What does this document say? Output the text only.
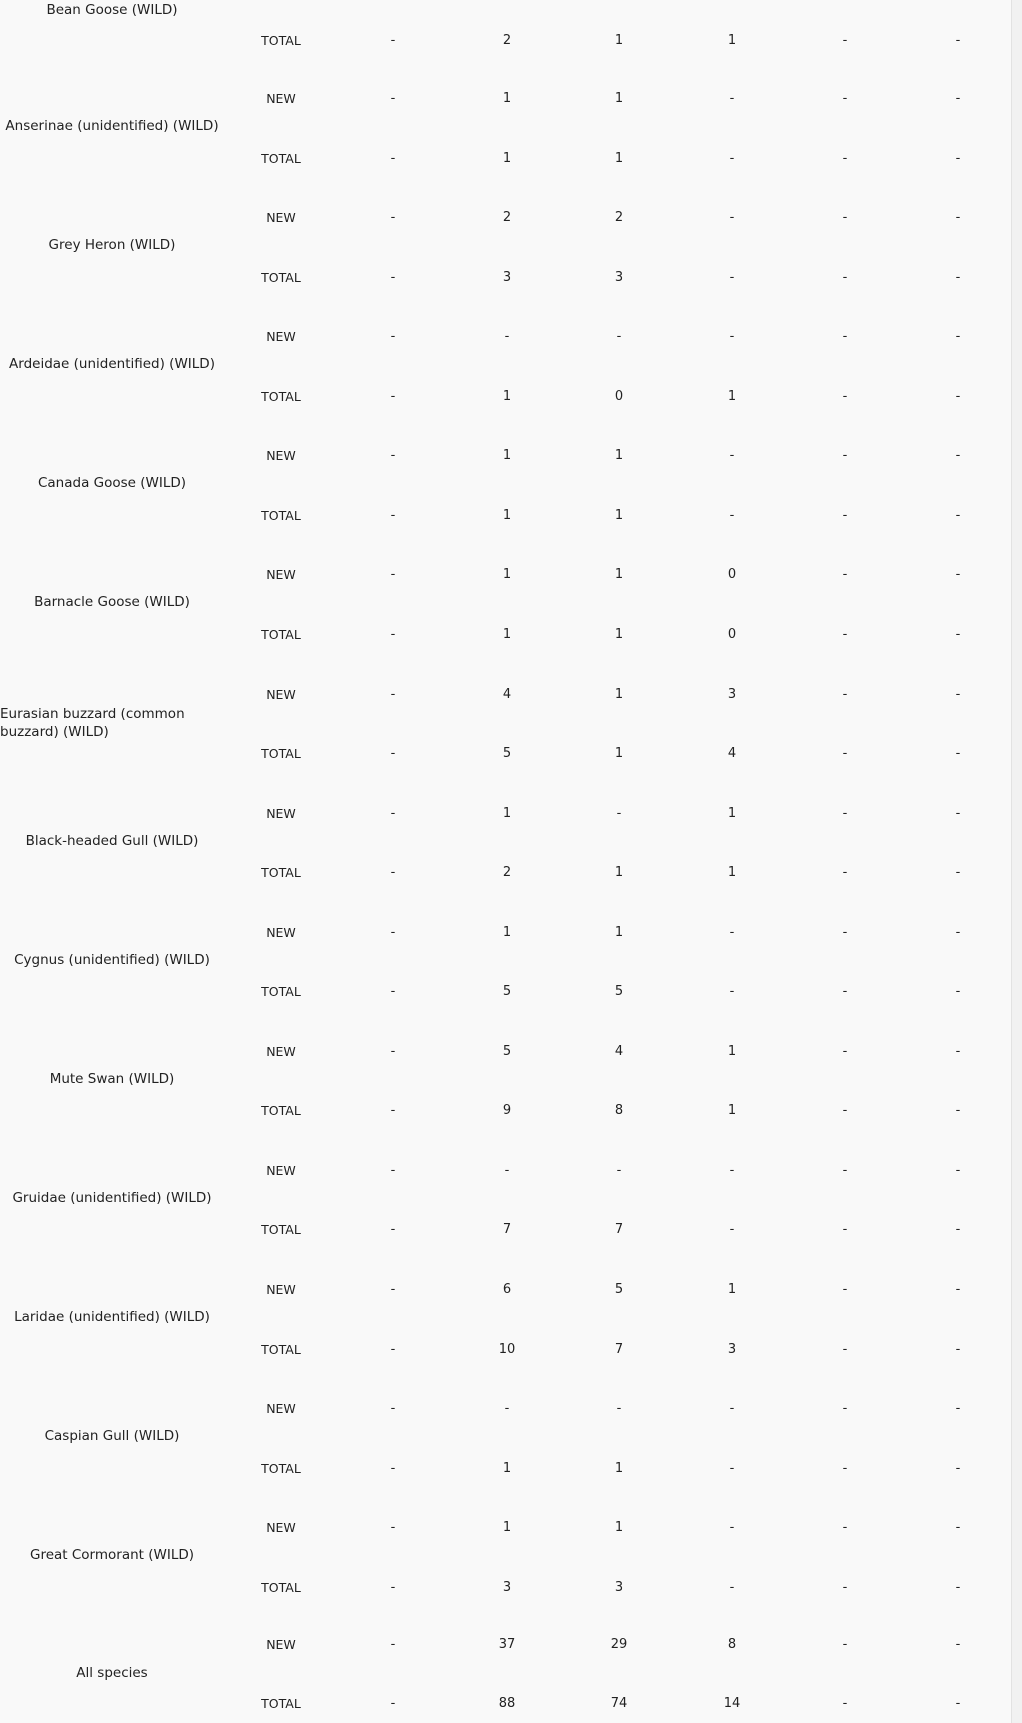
Bean Goose (WILD)
TOTAL	-	2	1	1	-	-
Anserinae (unidentified) (WILD)
NEW	-	1	1	-	-	-
TOTAL	-	1	1	-	-	-
Grey Heron (WILD)
NEW	-	2	2	-	-	-
TOTAL	-	3	3	-	-	-
Ardeidae (unidentified) (WILD)
NEW	-	-	-	-	-	-
TOTAL	-	1	0	1	-	-
Canada Goose (WILD)
NEW	-	1	1	-	-	-
TOTAL	-	1	1	-	-	-
Barnacle Goose (WILD)
NEW	-	1	1	0	-	-
TOTAL	-	1	1	0	-	-
Eurasian buzzard (common buzzard) (WILD)
NEW	-	4	1	3	-	-
TOTAL	-	5	1	4	-	-
Black-headed Gull (WILD)
NEW	-	1	-	1	-	-
TOTAL	-	2	1	1	-	-
Cygnus (unidentified) (WILD)
NEW	-	1	1	-	-	-
TOTAL	-	5	5	-	-	-
Mute Swan (WILD)
NEW	-	5	4	1	-	-
TOTAL	-	9	8	1	-	-
Gruidae (unidentified) (WILD)
NEW	-	-	-	-	-	-
TOTAL	-	7	7	-	-	-
Laridae (unidentified) (WILD)
NEW	-	6	5	1	-	-
TOTAL	-	10	7	3	-	-
Caspian Gull (WILD)
NEW	-	-	-	-	-	-
TOTAL	-	1	1	-	-	-
Great Cormorant (WILD)
NEW	-	1	1	-	-	-
TOTAL	-	3	3	-	-	-
All species
NEW	-	37	29	8	-	-
TOTAL	-	88	74	14	-	-
